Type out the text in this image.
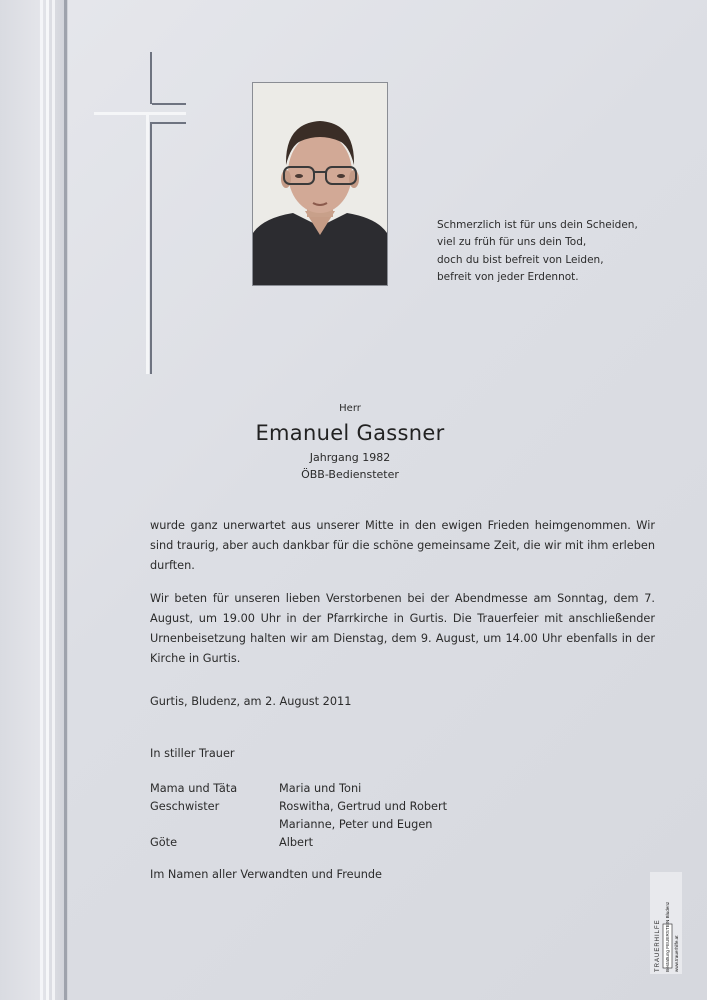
Schmerzlich ist für uns dein Scheiden,
viel zu früh für uns dein Tod,
doch du bist befreit von Leiden,
befreit von jeder Erdennot.
Herr
Emanuel Gassner
Jahrgang 1982
ÖBB-Bediensteter
wurde ganz unerwartet aus unserer Mitte in den ewigen Frieden heimgenommen. Wir sind traurig, aber auch dankbar für die schöne gemeinsame Zeit, die wir mit ihm erleben durften.
Wir beten für unseren lieben Verstorbenen bei der Abendmesse am Sonntag, dem 7. August, um 19.00 Uhr in der Pfarrkirche in Gurtis. Die Trauerfeier mit anschließender Urnenbeisetzung halten wir am Dienstag, dem 9. August, um 14.00 Uhr ebenfalls in der Kirche in Gurtis.
Gurtis, Bludenz, am 2. August 2011
In stiller Trauer
Mama und Täta	Maria und Toni
Geschwister	Roswitha, Gertrud und Robert
Marianne, Peter und Eugen
Göte	Albert
Im Namen aller Verwandten und Freunde
TRAUERHILFE Bestattung FEUERSTEIN Bludenz www.trauerhilfe.at
